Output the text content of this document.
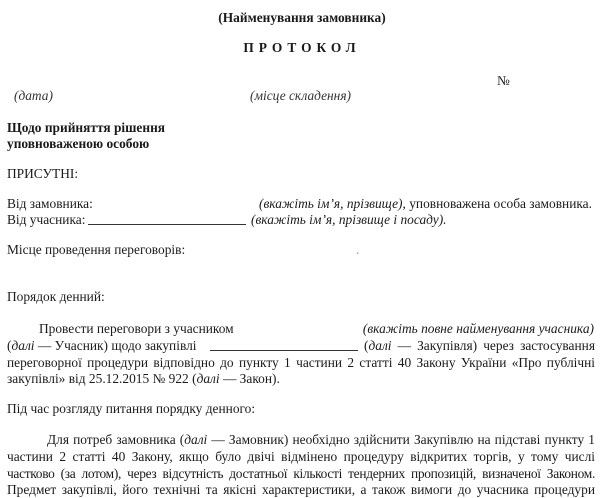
(Найменування замовника)
ПРОТОКОЛ
№
(дата)	(місце складення)
Щодо прийняття рішення
уповноваженою особою
ПРИСУТНІ:
Від замовника:	(вкажіть ім’я, прізвище), уповноважена особа замовника.
Від учасника:	(вкажіть ім’я, прізвище і посаду).
Місце проведення переговорів:	.
Порядок денний:
Провести переговори з учасником	(вкажіть повне найменування учасника)
(далі — Учасник) щодо закупівлі	(далі — Закупівля) через застосування
переговорної процедури відповідно до пункту 1 частини 2 статті 40 Закону України «Про публічні
закупівлі» від 25.12.2015 № 922 (далі — Закон).
Під час розгляду питання порядку денного:
Для потреб замовника (далі — Замовник) необхідно здійснити Закупівлю на підставі пункту 1
частини 2 статті 40 Закону, якщо було двічі відмінено процедуру відкритих торгів, у тому числі
частково (за лотом), через відсутність достатньої кількості тендерних пропозицій, визначеної Законом.
Предмет закупівлі, його технічні та якісні характеристики, а також вимоги до учасника процедури
